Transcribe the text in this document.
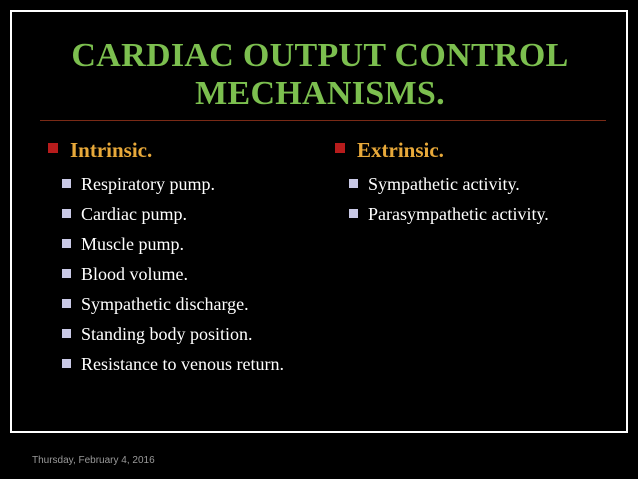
CARDIAC OUTPUT CONTROL
MECHANISMS.
Intrinsic.
Respiratory pump.
Cardiac pump.
Muscle pump.
Blood volume.
Sympathetic discharge.
Standing body position.
Resistance to venous return.
Extrinsic.
Sympathetic activity.
Parasympathetic activity.
Thursday, February 4, 2016
